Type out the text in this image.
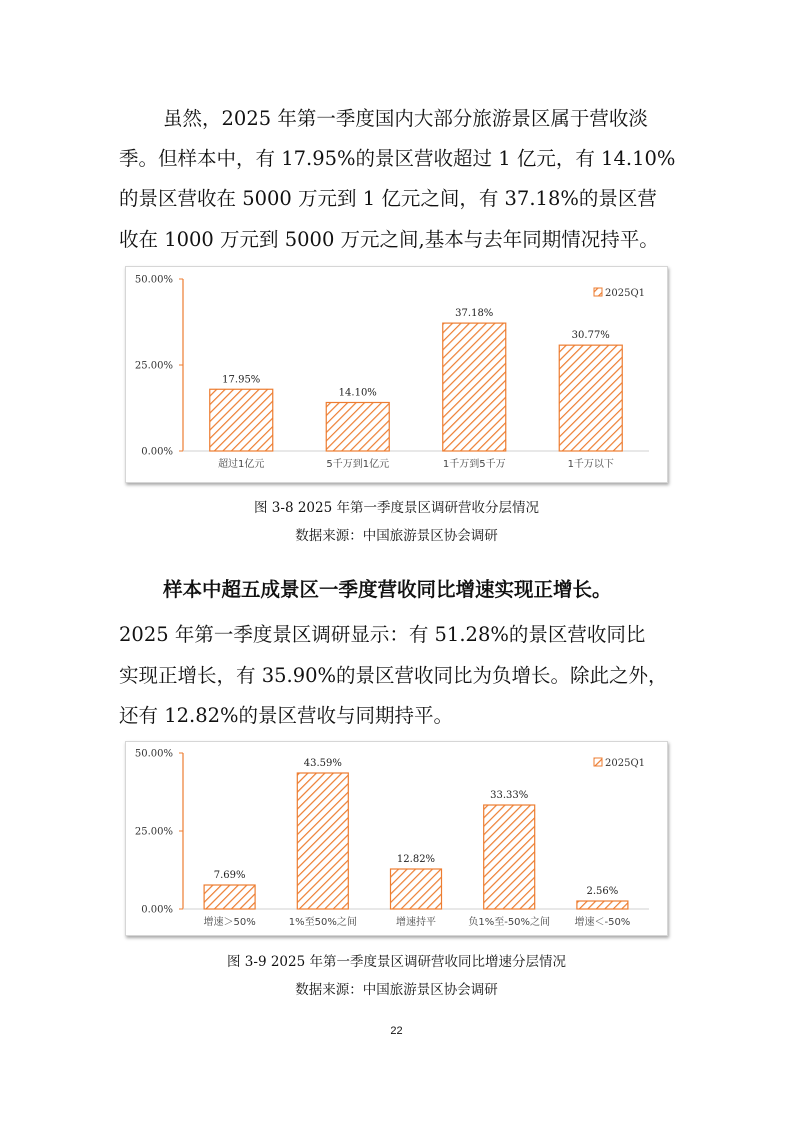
虽然，2025 年第一季度国内大部分旅游景区属于营收淡

季。但样本中，有 17.95%的景区营收超过 1 亿元，有 14.10%

的景区营收在 5000 万元到 1 亿元之间，有 37.18%的景区营

收在 1000 万元到 5000 万元之间,基本与去年同期情况持平。

0.00%
25.00%
50.00%
17.95%
超过1亿元
14.10%
5千万到1亿元
37.18%
1千万到5千万
30.77%
1千万以下
2025Q1

图 3-8 2025 年第一季度景区调研营收分层情况

数据来源：中国旅游景区协会调研

样本中超五成景区一季度营收同比增速实现正增长。

2025 年第一季度景区调研显示：有 51.28%的景区营收同比

实现正增长，有 35.90%的景区营收同比为负增长。除此之外，

还有 12.82%的景区营收与同期持平。

0.00%
25.00%
50.00%
7.69%
增速＞50%
43.59%
1%至50%之间
12.82%
增速持平
33.33%
负1%至-50%之间
2.56%
增速＜-50%
2025Q1

图 3-9 2025 年第一季度景区调研营收同比增速分层情况

数据来源：中国旅游景区协会调研

22
